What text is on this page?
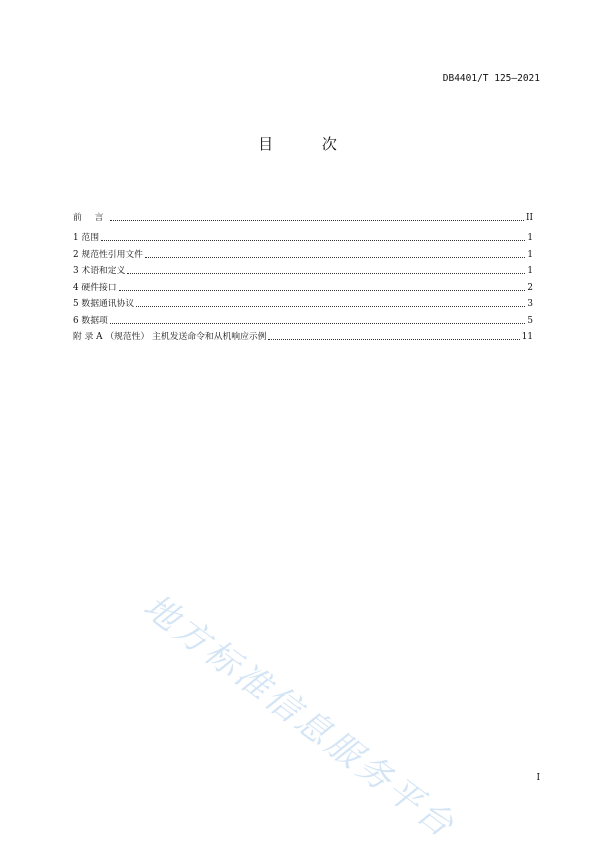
DB4401/T 125—2021
目 次
前 言	II
1 范围	1
2 规范性引用文件	1
3 术语和定义	1
4 硬件接口	2
5 数据通讯协议	3
6 数据项	5
附 录 A （规范性） 主机发送命令和从机响应示例	11
地方标准信息服务平台	I
